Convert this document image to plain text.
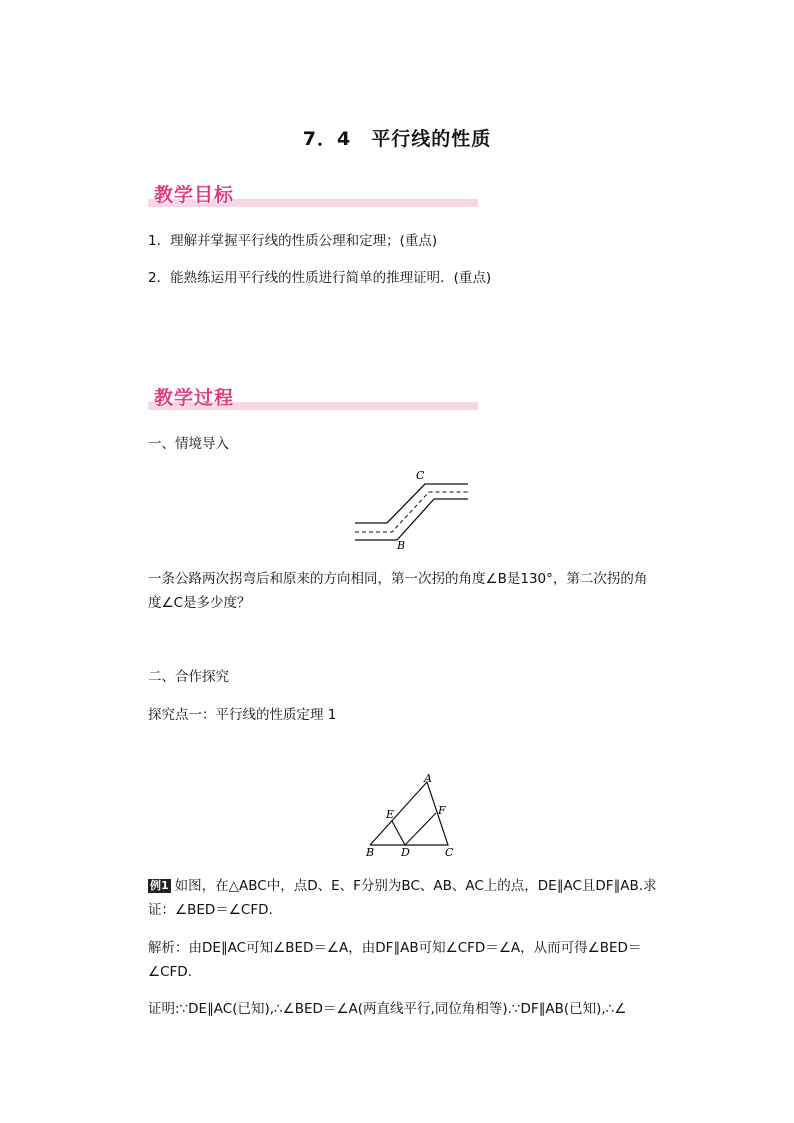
7．4　平行线的性质
教学目标
1．理解并掌握平行线的性质公理和定理；(重点)
2．能熟练运用平行线的性质进行简单的推理证明．(重点)
教学过程
一、情境导入
C
B
一条公路两次拐弯后和原来的方向相同，第一次拐的角度∠B是130°，第二次拐的角
度∠C是多少度？
二、合作探究
探究点一：平行线的性质定理 1
A
B	C
D
E	F
例1 如图，在△ABC中，点D、E、F分别为BC、AB、AC上的点，DE∥AC且DF∥AB.求
证：∠BED＝∠CFD.
解析：由DE∥AC可知∠BED＝∠A，由DF∥AB可知∠CFD＝∠A，从而可得∠BED＝
∠CFD.
证明:∵DE∥AC(已知),∴∠BED＝∠A(两直线平行,同位角相等).∵DF∥AB(已知),∴∠
